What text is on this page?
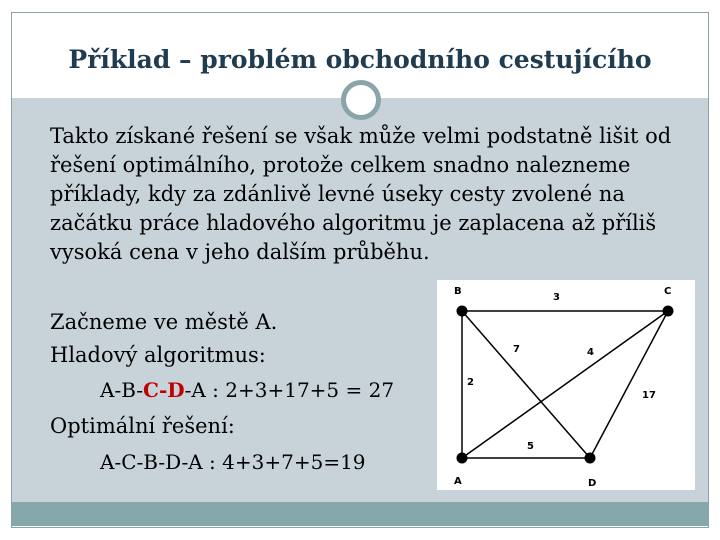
Příklad – problém obchodního cestujícího
Takto získané řešení se však může velmi podstatně lišit od řešení optimálního, protože celkem snadno nalezneme příklady, kdy za zdánlivě levné úseky cesty zvolené na začátku práce hladového algoritmu je zaplacena až příliš vysoká cena v jeho dalším průběhu.
Začneme ve městě A.
Hladový algoritmus:
A-B-C-D-A : 2+3+17+5 = 27
Optimální řešení:
A-C-B-D-A : 4+3+7+5=19
B	C
A	D
3
7	4
2
17
5
